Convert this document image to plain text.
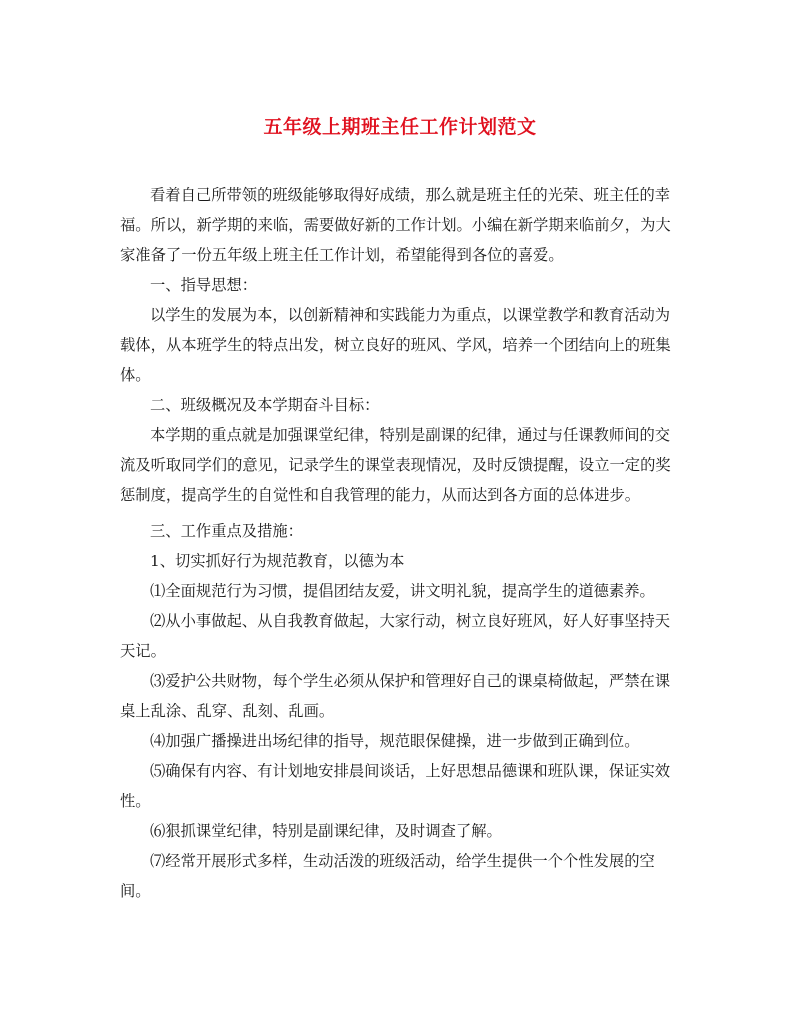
五年级上期班主任工作计划范文

看着自己所带领的班级能够取得好成绩，那么就是班主任的光荣、班主任的幸福。所以，新学期的来临，需要做好新的工作计划。小编在新学期来临前夕，为大家准备了一份五年级上班主任工作计划，希望能得到各位的喜爱。

一、指导思想：

以学生的发展为本，以创新精神和实践能力为重点，以课堂教学和教育活动为载体，从本班学生的特点出发，树立良好的班风、学风，培养一个团结向上的班集体。

二、班级概况及本学期奋斗目标：

本学期的重点就是加强课堂纪律，特别是副课的纪律，通过与任课教师间的交流及听取同学们的意见，记录学生的课堂表现情况，及时反馈提醒，设立一定的奖惩制度，提高学生的自觉性和自我管理的能力，从而达到各方面的总体进步。

三、工作重点及措施：

1、切实抓好行为规范教育，以德为本

⑴全面规范行为习惯，提倡团结友爱，讲文明礼貌，提高学生的道德素养。

⑵从小事做起、从自我教育做起，大家行动，树立良好班风，好人好事坚持天天记。

⑶爱护公共财物，每个学生必须从保护和管理好自己的课桌椅做起，严禁在课桌上乱涂、乱穿、乱刻、乱画。

⑷加强广播操进出场纪律的指导，规范眼保健操，进一步做到正确到位。

⑸确保有内容、有计划地安排晨间谈话，上好思想品德课和班队课，保证实效性。

⑹狠抓课堂纪律，特别是副课纪律，及时调查了解。

⑺经常开展形式多样，生动活泼的班级活动，给学生提供一个个性发展的空间。
